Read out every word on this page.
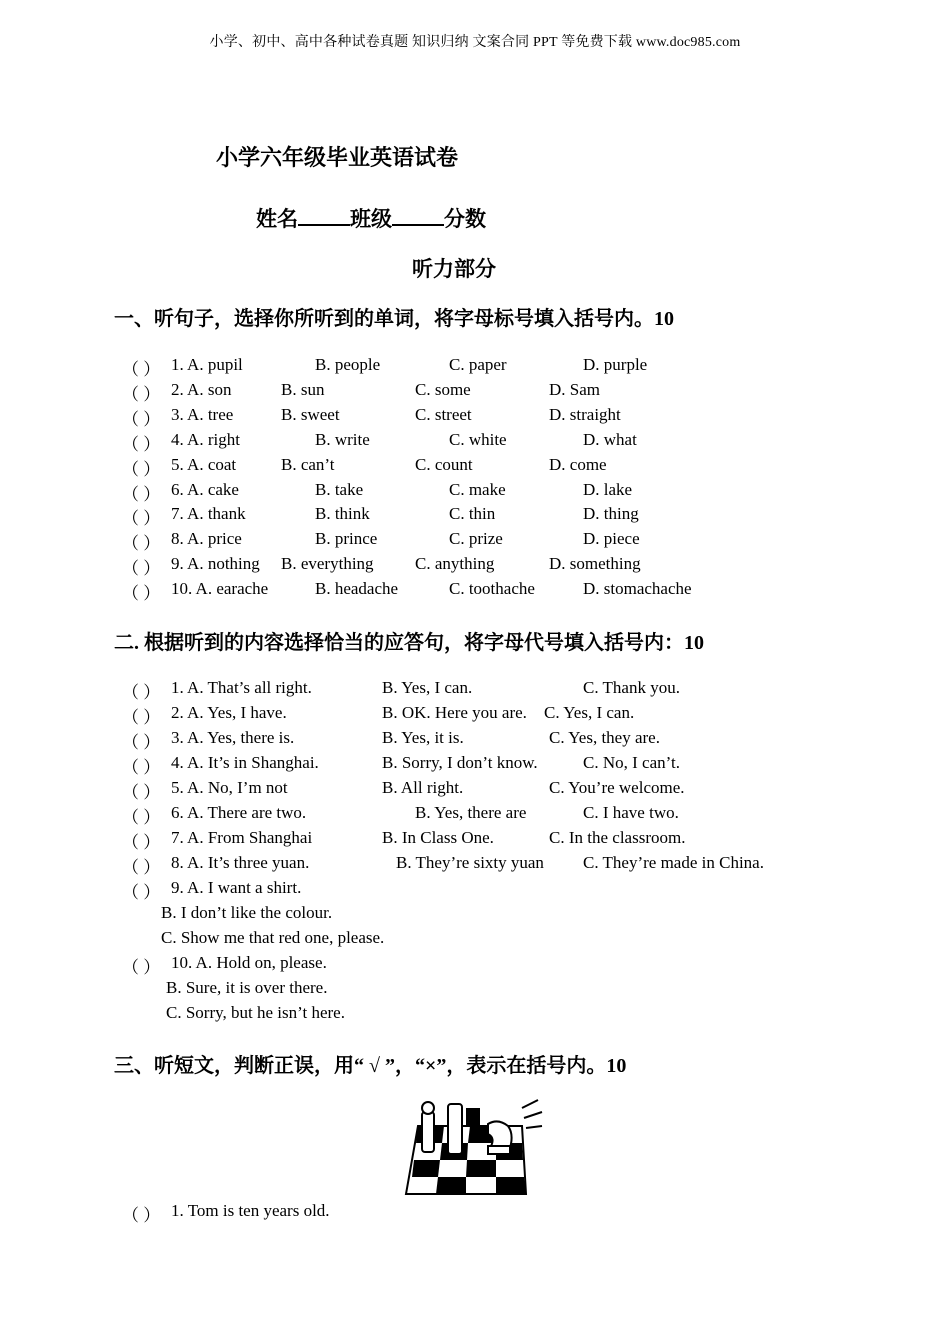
小学、初中、高中各种试卷真题 知识归纳 文案合同 PPT 等免费下载 www.doc985.com
小学六年级毕业英语试卷
姓名 班级 分数
听力部分
一、听句子，选择你所听到的单词，将字母标号填入括号内。10
（ ） 1. A. pupil	B. people	C. paper	D. purple
（ ） 2. A. son	B. sun	C. some	D. Sam
（ ） 3. A. tree	B. sweet	C. street	D. straight
（ ） 4. A. right	B. write	C. white	D. what
（ ） 5. A. coat	B. can’t	C. count	D. come
（ ） 6. A. cake	B. take	C. make	D. lake
（ ） 7. A. thank	B. think	C. thin	D. thing
（ ） 8. A. price	B. prince	C. prize	D. piece
（ ） 9. A. nothing B. everything C. anything	D. something
（ ） 10. A. earache	B. headache	C. toothache	D. stomachache
二. 根据听到的内容选择恰当的应答句，将字母代号填入括号内：10
（ ） 1. A. That’s all right.	B. Yes, I can.	C. Thank you.
（ ） 2. A. Yes, I have.	B. OK. Here you are. C. Yes, I can.
（ ） 3. A. Yes, there is.	B. Yes, it is.	C. Yes, they are.
（ ） 4. A. It’s in Shanghai.	B. Sorry, I don’t know.	C. No, I can’t.
（ ） 5. A. No, I’m not	B. All right.	C. You’re welcome.
（ ） 6. A. There are two.	B. Yes, there are	C. I have two.
（ ） 7. A. From Shanghai	B. In Class One.	C. In the classroom.
（ ） 8. A. It’s three yuan.	B. They’re sixty yuan C. They’re made in China.
（ ） 9. A. I want a shirt.
B. I don’t like the colour.
C. Show me that red one, please.
（ ） 10. A. Hold on, please.
B. Sure, it is over there.
C. Sorry, but he isn’t here.
三、听短文，判断正误，用“ √ ”，“×”，表示在括号内。10
（ ） 1. Tom is ten years old.
